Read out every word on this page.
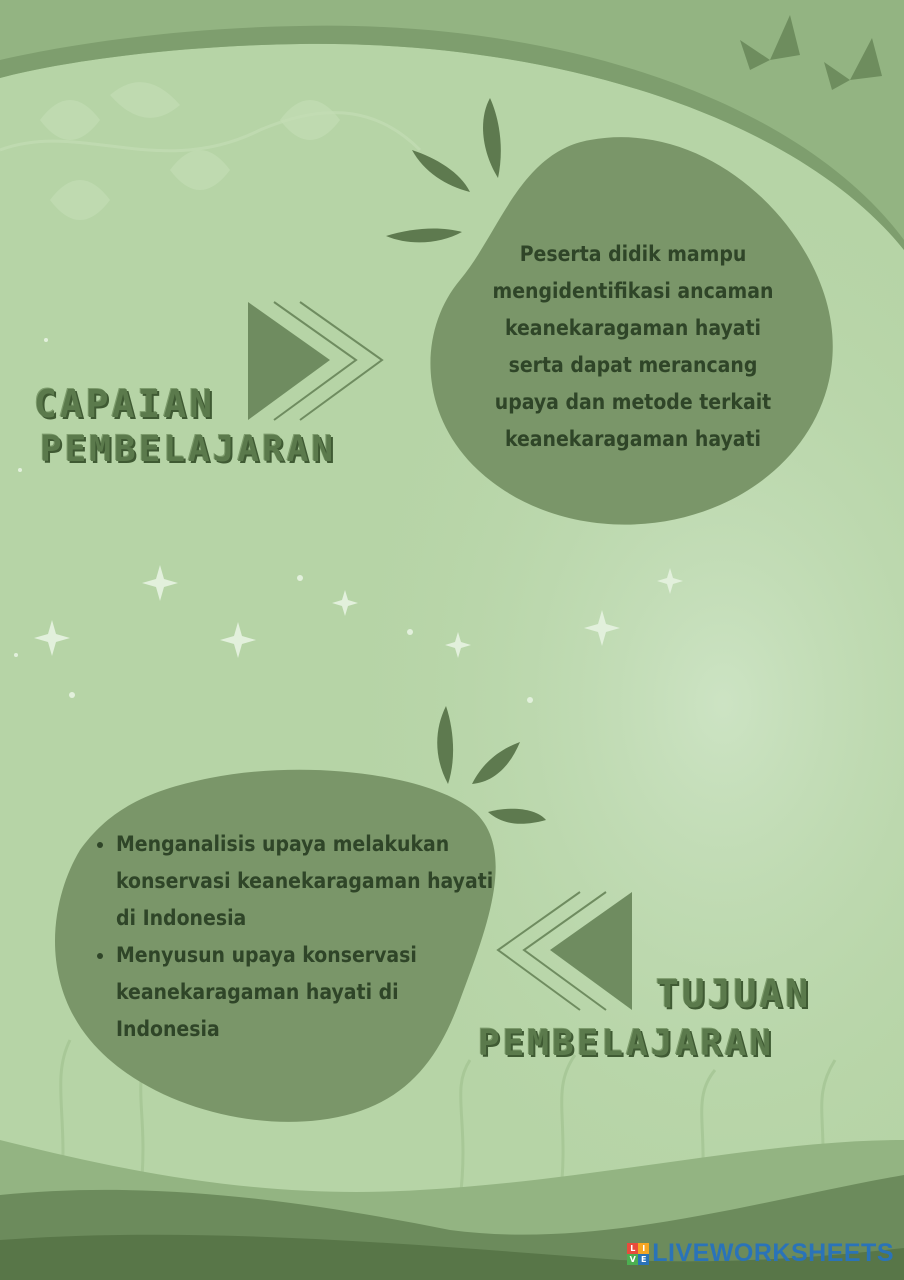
CAPAIAN
PEMBELAJARAN
Peserta didik mampu
mengidentifikasi ancaman
keanekaragaman hayati
serta dapat merancang
upaya dan metode terkait
keanekaragaman hayati
• Menganalisis upaya melakukan konservasi keanekaragaman hayati di Indonesia
• Menyusun upaya konservasi keanekaragaman hayati di Indonesia
TUJUAN
PEMBELAJARAN
L I
V E LIVEWORKSHEETS
